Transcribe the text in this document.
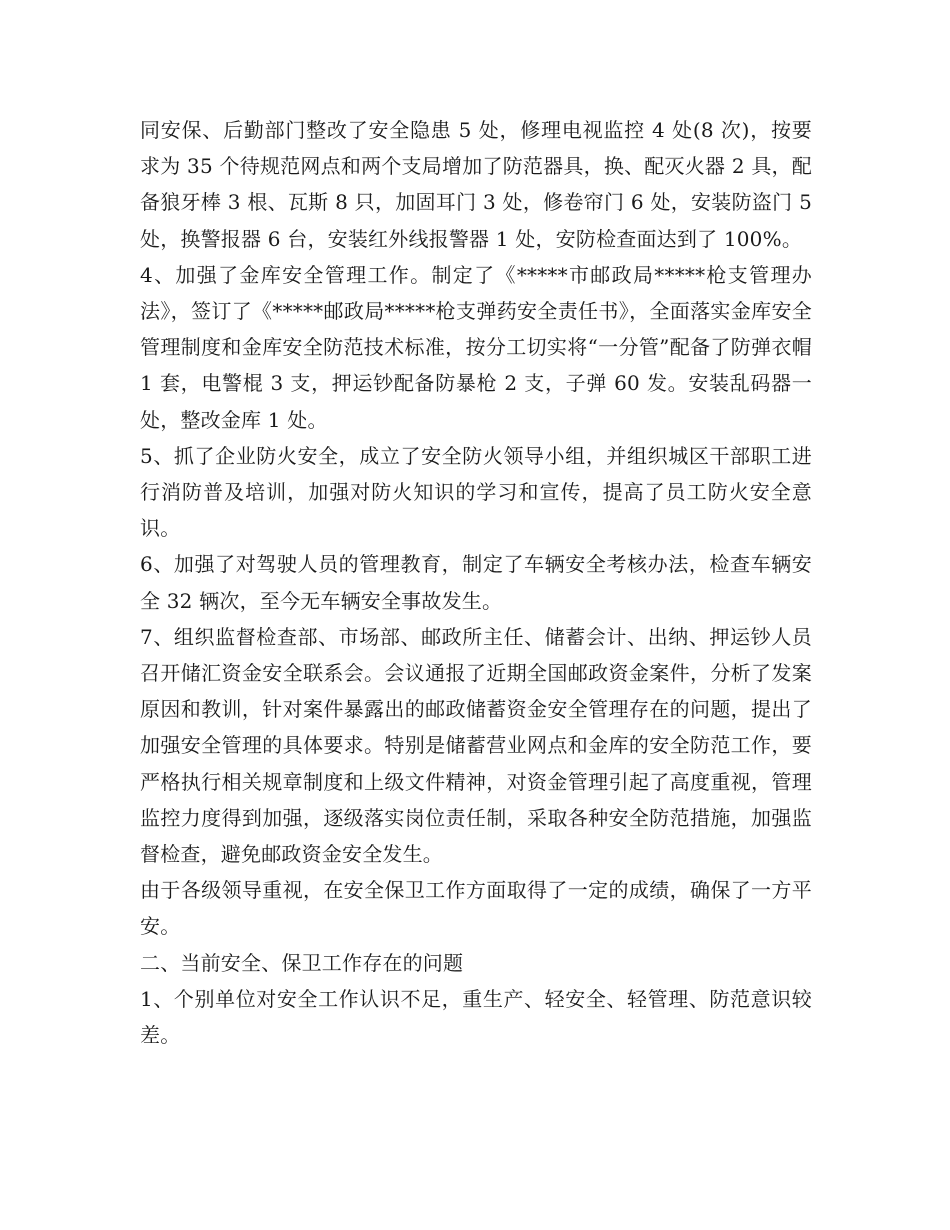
同安保、后勤部门整改了安全隐患 5 处，修理电视监控 4 处(8 次)，按要求为 35 个待规范网点和两个支局增加了防范器具，换、配灭火器 2 具，配备狼牙棒 3 根、瓦斯 8 只，加固耳门 3 处，修卷帘门 6 处，安装防盗门 5 处，换警报器 6 台，安装红外线报警器 1 处，安防检查面达到了 100%。

4、加强了金库安全管理工作。制定了《*****市邮政局*****枪支管理办法》，签订了《*****邮政局*****枪支弹药安全责任书》，全面落实金库安全管理制度和金库安全防范技术标准，按分工切实将“一分管”配备了防弹衣帽 1 套，电警棍 3 支，押运钞配备防暴枪 2 支，子弹 60 发。安装乱码器一处，整改金库 1 处。

5、抓了企业防火安全，成立了安全防火领导小组，并组织城区干部职工进行消防普及培训，加强对防火知识的学习和宣传，提高了员工防火安全意识。

6、加强了对驾驶人员的管理教育，制定了车辆安全考核办法，检查车辆安全 32 辆次，至今无车辆安全事故发生。

7、组织监督检查部、市场部、邮政所主任、储蓄会计、出纳、押运钞人员召开储汇资金安全联系会。会议通报了近期全国邮政资金案件，分析了发案原因和教训，针对案件暴露出的邮政储蓄资金安全管理存在的问题，提出了加强安全管理的具体要求。特别是储蓄营业网点和金库的安全防范工作，要严格执行相关规章制度和上级文件精神，对资金管理引起了高度重视，管理监控力度得到加强，逐级落实岗位责任制，采取各种安全防范措施，加强监督检查，避免邮政资金安全发生。

由于各级领导重视，在安全保卫工作方面取得了一定的成绩，确保了一方平安。

二、当前安全、保卫工作存在的问题

1、个别单位对安全工作认识不足，重生产、轻安全、轻管理、防范意识较差。
